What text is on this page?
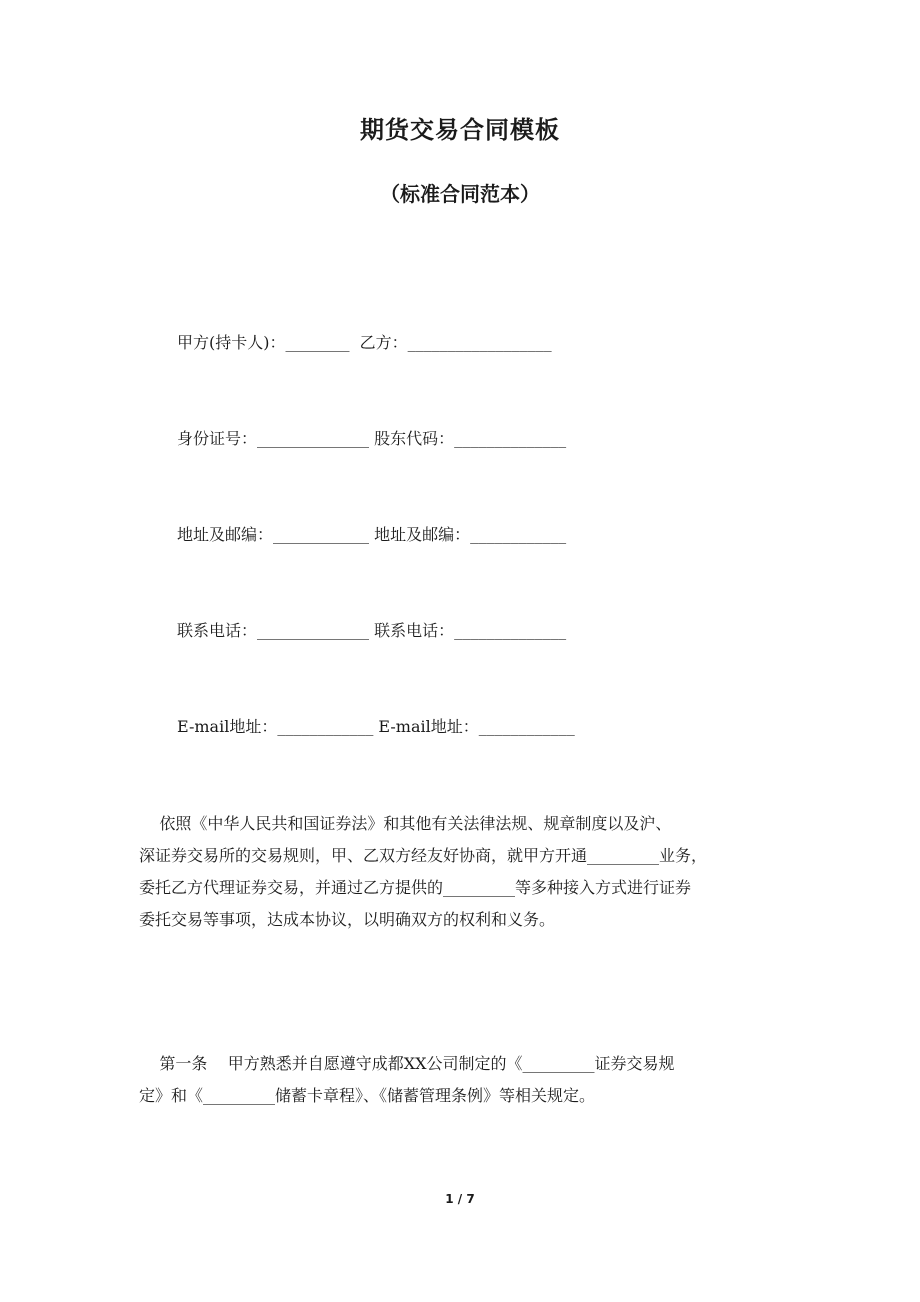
期货交易合同模板
（标准合同范本）
甲方(持卡人)：________  乙方：__________________
身份证号：______________ 股东代码：______________
地址及邮编：____________ 地址及邮编：____________
联系电话：______________ 联系电话：______________
E-mail地址：____________ E-mail地址：____________

依照《中华人民共和国证券法》和其他有关法律法规、规章制度以及沪、
深证券交易所的交易规则，甲、乙双方经友好协商，就甲方开通_________业务，
委托乙方代理证券交易，并通过乙方提供的_________等多种接入方式进行证券
委托交易等事项，达成本协议，以明确双方的权利和义务。

第一条    甲方熟悉并自愿遵守成都XX公司制定的《_________证券交易规
定》和《_________储蓄卡章程》、《储蓄管理条例》等相关规定。

1 / 7
